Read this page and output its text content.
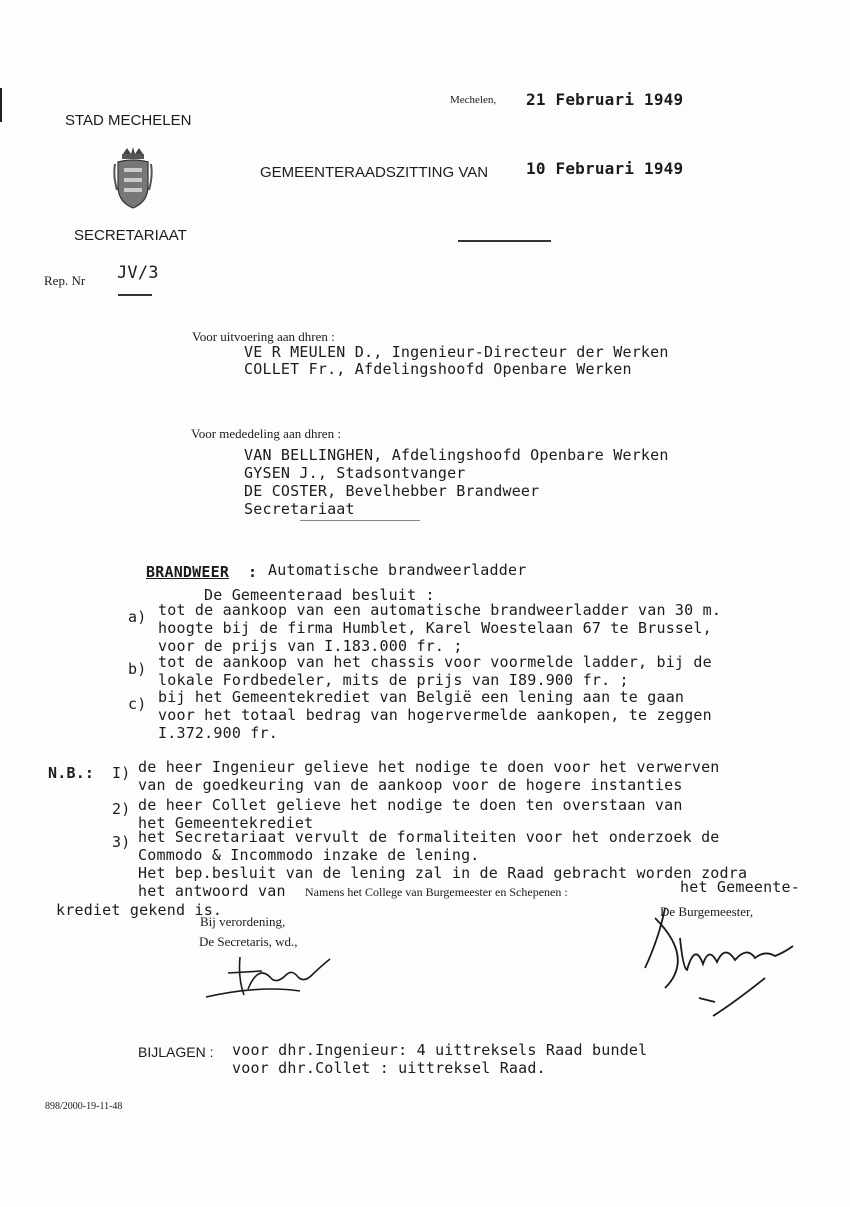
Mechelen, 21 Februari 1949
STAD MECHELEN
GEMEENTERAADSZITTING VAN 10 Februari 1949
SECRETARIAAT
Rep. Nr JV/3
Voor uitvoering aan dhren :
VE R MEULEN D., Ingenieur-Directeur der Werken
COLLET Fr., Afdelingshoofd Openbare Werken
Voor mededeling aan dhren :
VAN BELLINGHEN, Afdelingshoofd Openbare Werken
GYSEN J., Stadsontvanger
DE COSTER, Bevelhebber Brandweer
Secretariaat
BRANDWEER : Automatische brandweerladder
De Gemeenteraad besluit :
a) tot de aankoop van een automatische brandweerladder van 30 m.
hoogte bij de firma Humblet, Karel Woestelaan 67 te Brussel,
voor de prijs van I.183.000 fr. ;
b) tot de aankoop van het chassis voor voormelde ladder, bij de
lokale Fordbedeler, mits de prijs van I89.900 fr. ;
c) bij het Gemeentekrediet van België een lening aan te gaan
voor het totaal bedrag van hogervermelde aankopen, te zeggen
I.372.900 fr.
N.B.: I) de heer Ingenieur gelieve het nodige te doen voor het verwerven
van de goedkeuring van de aankoop voor de hogere instanties
2) de heer Collet gelieve het nodige te doen ten overstaan van
het Gemeentekrediet
3) het Secretariaat vervult de formaliteiten voor het onderzoek de
Commodo & Incommodo inzake de lening.
Het bep.besluit van de lening zal in de Raad gebracht worden zodra
het antwoord van Namens het College van Burgemeester en Schepenen :	het Gemeente-
krediet gekend is.
Bij verordening,
De Secretaris, wd.,
De Burgemeester,
BIJLAGEN : voor dhr.Ingenieur: 4 uittreksels Raad bundel
voor dhr.Collet : uittreksel Raad.
898/2000-19-11-48
